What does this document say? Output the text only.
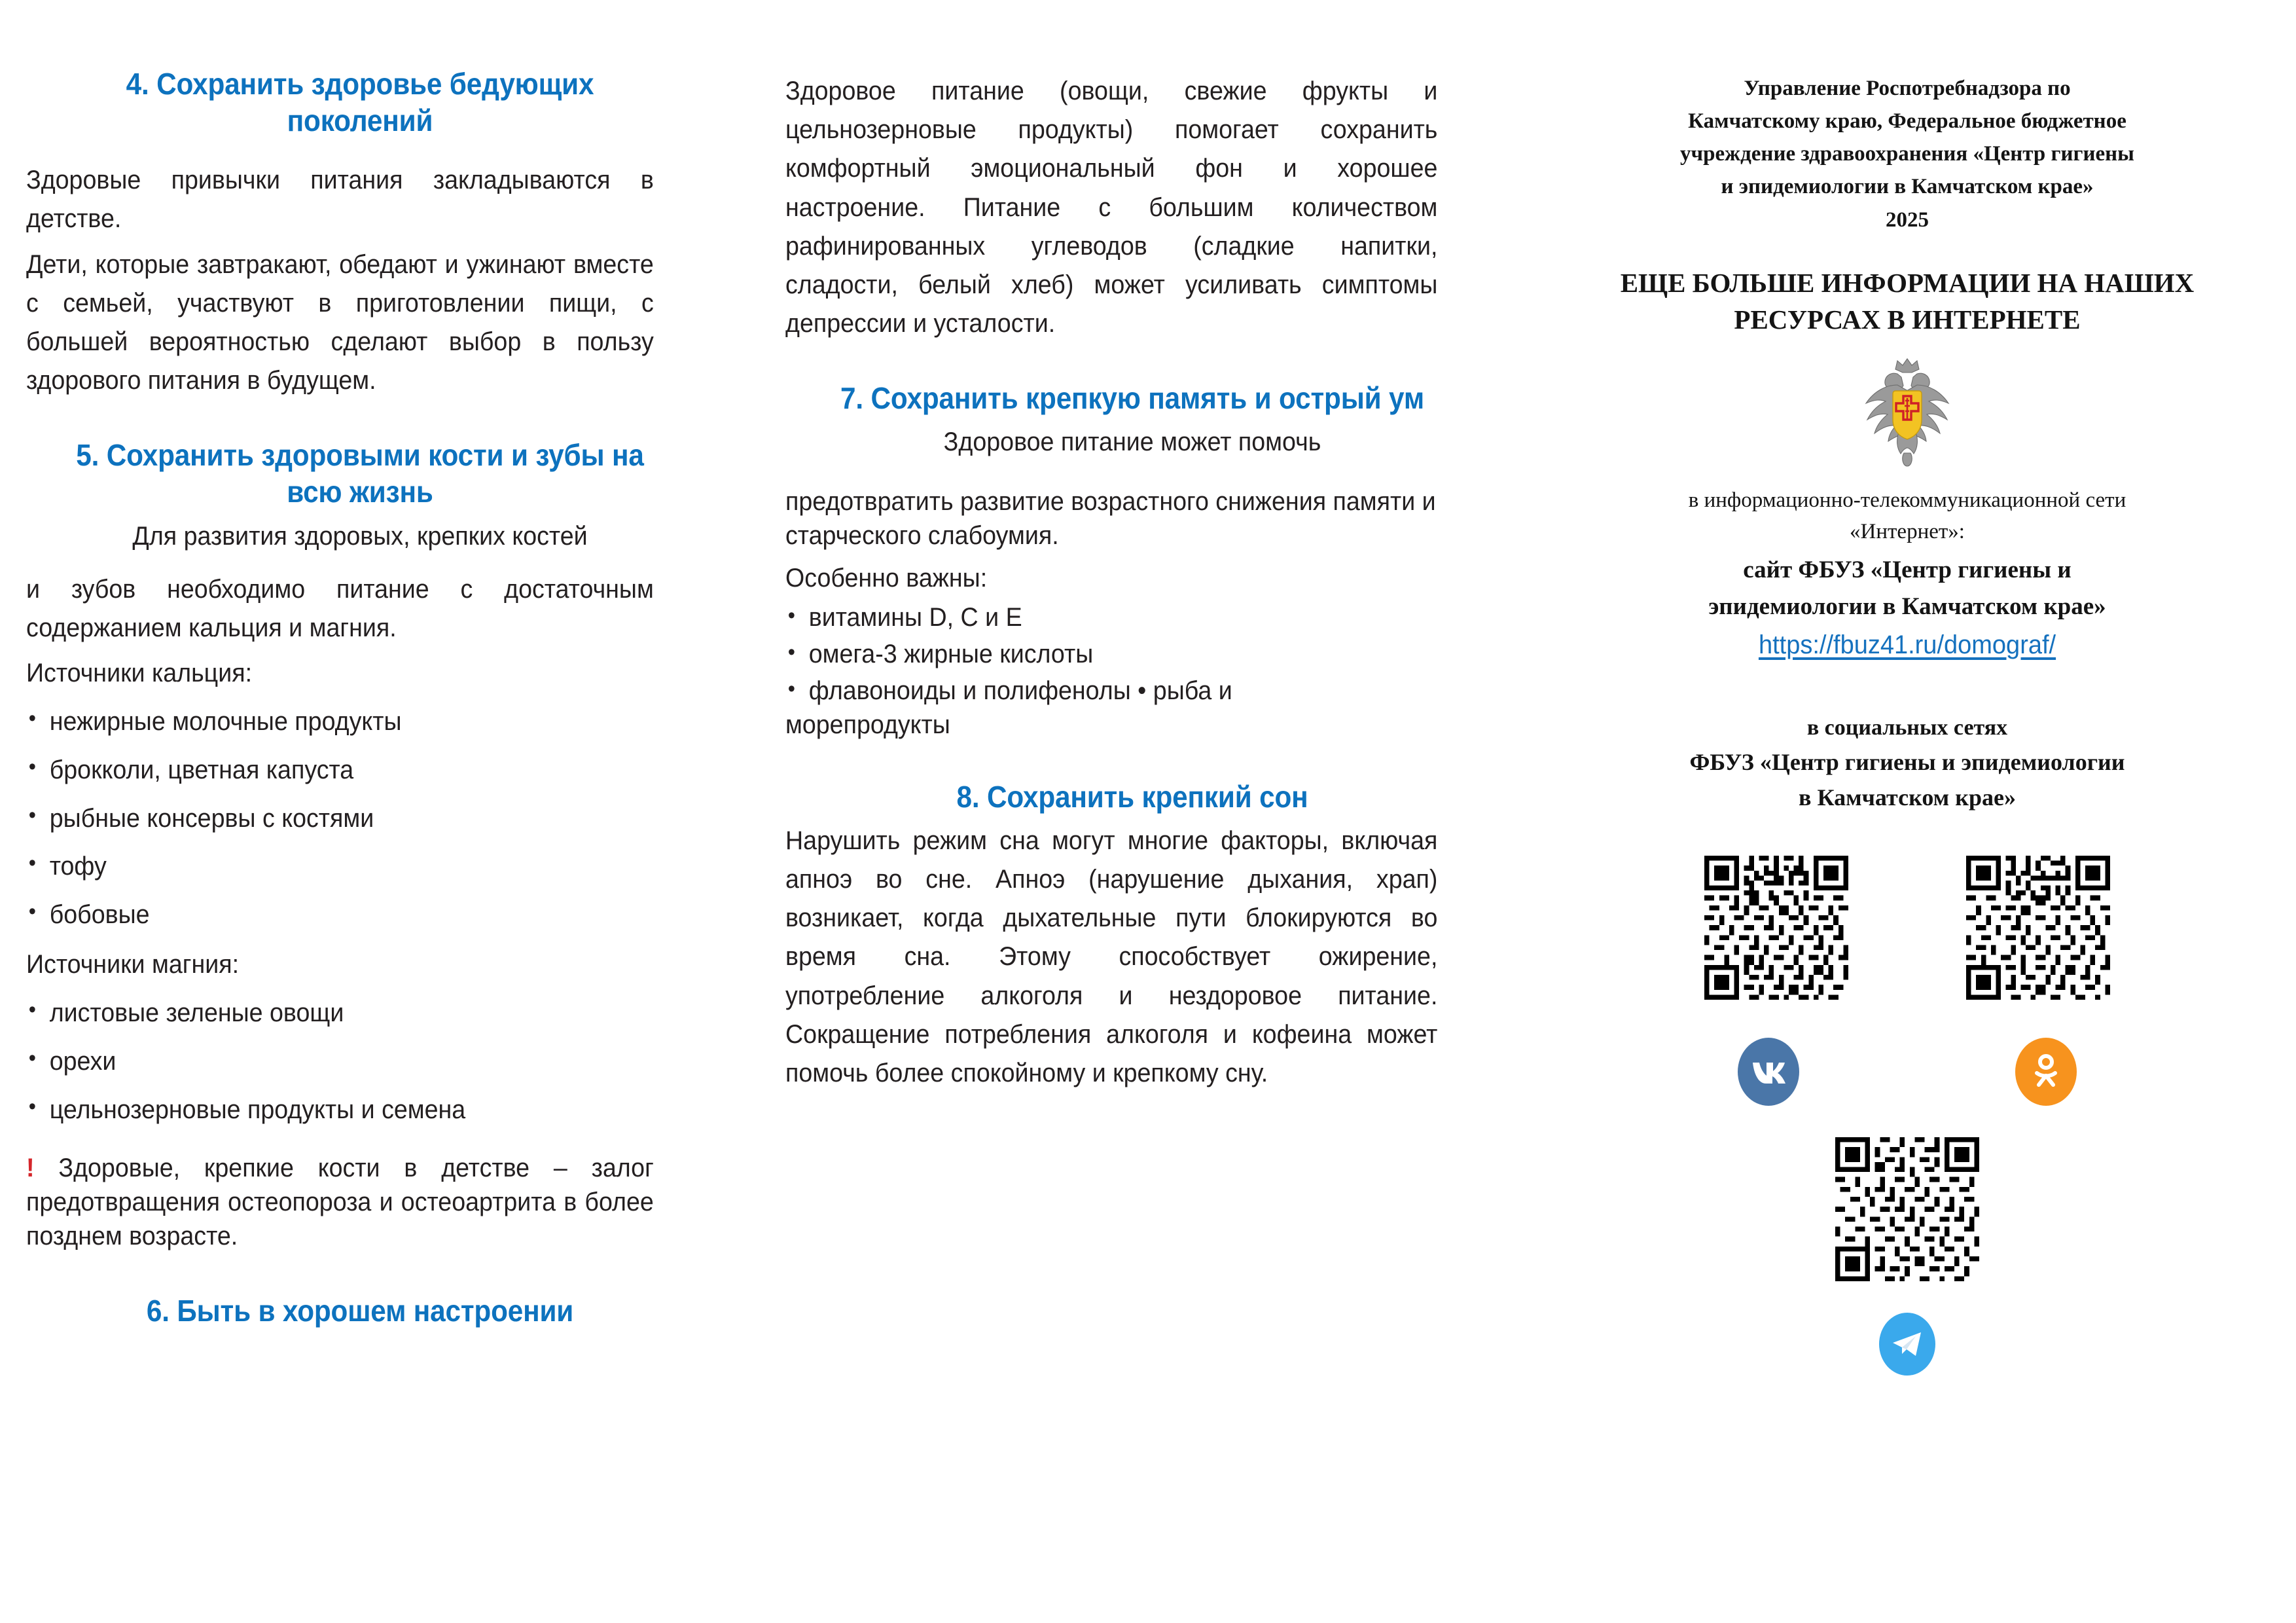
4. Сохранить здоровье бедующих поколений
Здоровые привычки питания закладываются в детстве.
Дети, которые завтракают, обедают и ужинают вместе с семьей, участвуют в приготовлении пищи, с большей вероятностью сделают выбор в пользу здорового питания в будущем.
5. Сохранить здоровыми кости и зубы на всю жизнь
Для развития здоровых, крепких костей
и зубов необходимо питание с достаточным содержанием кальция и магния.
Источники кальция:
• нежирные молочные продукты
• брокколи, цветная капуста
• рыбные консервы с костями
• тофу
• бобовые
Источники магния:
• листовые зеленые овощи
• орехи
• цельнозерновые продукты и семена
! Здоровые, крепкие кости в детстве – залог предотвращения остеопороза и остеоартрита в более позднем возрасте.
6. Быть в хорошем настроении
Здоровое питание (овощи, свежие фрукты и цельнозерновые продукты) помогает сохранить комфортный эмоциональный фон и хорошее настроение. Питание с большим количеством рафинированных углеводов (сладкие напитки, сладости, белый хлеб) может усиливать симптомы депрессии и усталости.
7. Сохранить крепкую память и острый ум
Здоровое питание может помочь
предотвратить развитие возрастного снижения памяти и старческого слабоумия.
Особенно важны:
• витамины D, C и E
• омега-3 жирные кислоты
• флавоноиды и полифенолы • рыба и
морепродукты
8. Сохранить крепкий сон
Нарушить режим сна могут многие факторы, включая апноэ во сне. Апноэ (нарушение дыхания, храп) возникает, когда дыхательные пути блокируются во время сна. Этому способствует ожирение, употребление алкоголя и нездоровое питание. Сокращение потребления алкоголя и кофеина может помочь более спокойному и крепкому сну.
Управление Роспотребнадзора по
Камчатскому краю, Федеральное бюджетное
учреждение здравоохранения «Центр гигиены
и эпидемиологии в Камчатском крае»
2025
ЕЩЕ БОЛЬШЕ ИНФОРМАЦИИ НА НАШИХ РЕСУРСАХ В ИНТЕРНЕТЕ
в информационно-телекоммуникационной сети
«Интернет»:
сайт ФБУЗ «Центр гигиены и
эпидемиологии в Камчатском крае»
https://fbuz41.ru/domograf/
в социальных сетях
ФБУЗ «Центр гигиены и эпидемиологии
в Камчатском крае»
